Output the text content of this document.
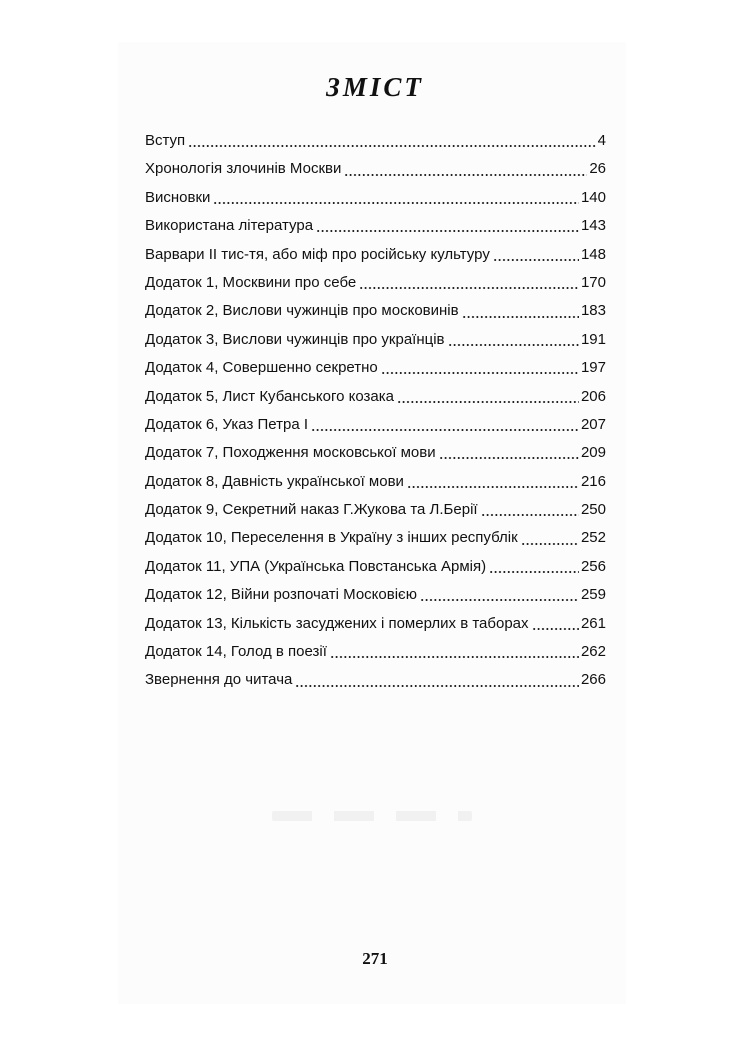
ЗМІСТ
Вступ	4
Хронологія злочинів Москви	26
Висновки	140
Використана література	143
Варвари ІІ тис-тя, або міф про російську культуру	148
Додаток 1, Москвини про себе	170
Додаток 2, Вислови чужинців про московинів	183
Додаток 3, Вислови чужинців про українців	191
Додаток 4, Совершенно секретно	197
Додаток 5, Лист Кубанського козака	206
Додаток 6, Указ Петра І	207
Додаток 7, Походження московської мови	209
Додаток 8, Давність української мови	216
Додаток 9, Секретний наказ Г.Жукова та Л.Берії	250
Додаток 10, Переселення в Україну з інших республік	252
Додаток 11, УПА (Українська Повстанська Армія)	256
Додаток 12, Війни розпочаті Московією	259
Додаток 13, Кількість засуджених і померлих в таборах	261
Додаток 14, Голод в поезії	262
Звернення до читача	266
271
